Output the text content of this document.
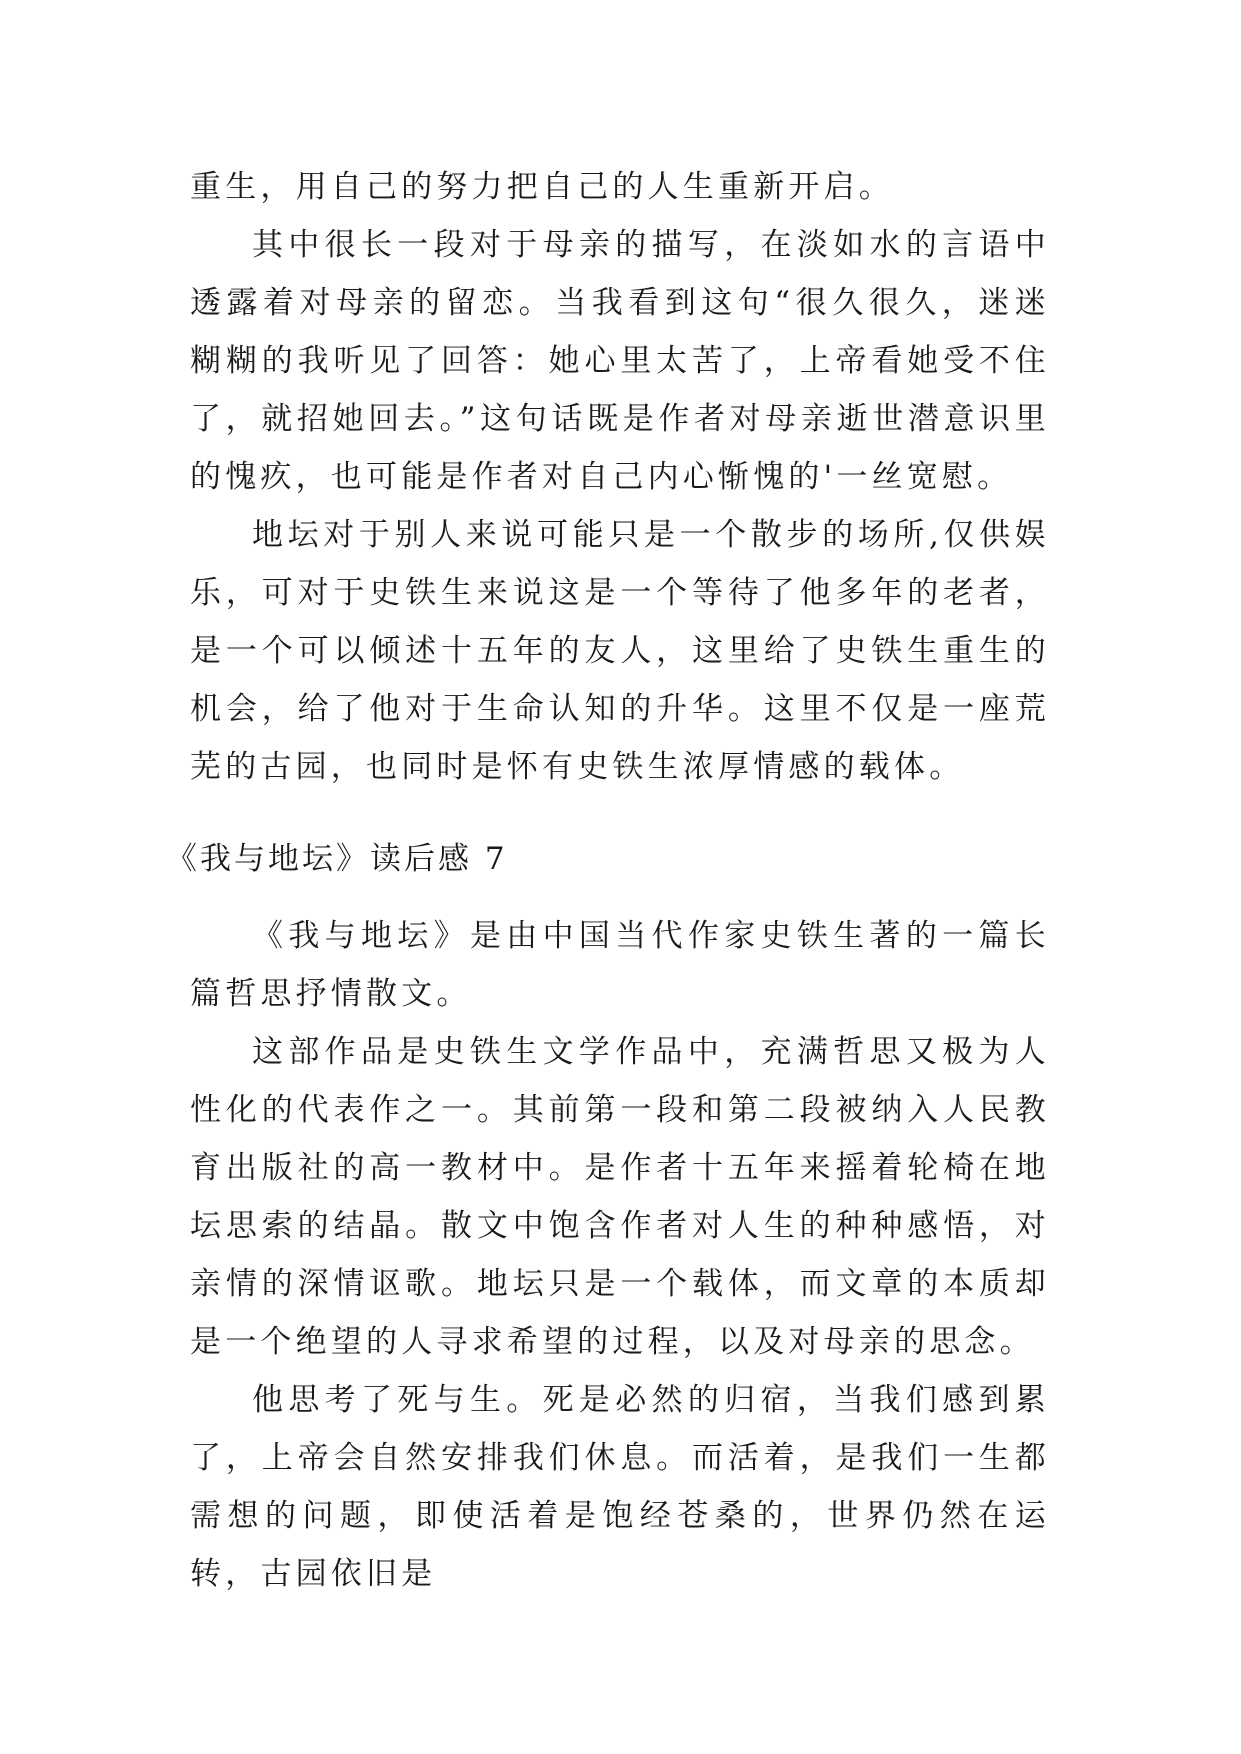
重生，用自己的努力把自己的人生重新开启。

其中很长一段对于母亲的描写，在淡如水的言语中透露着对母亲的留恋。当我看到这句“很久很久，迷迷糊糊的我听见了回答：她心里太苦了，上帝看她受不住了，就招她回去。”这句话既是作者对母亲逝世潜意识里的愧疚，也可能是作者对自己内心惭愧的'一丝宽慰。

地坛对于别人来说可能只是一个散步的场所,仅供娱乐，可对于史铁生来说这是一个等待了他多年的老者，是一个可以倾述十五年的友人，这里给了史铁生重生的机会，给了他对于生命认知的升华。这里不仅是一座荒芜的古园，也同时是怀有史铁生浓厚情感的载体。

《我与地坛》读后感 7

《我与地坛》是由中国当代作家史铁生著的一篇长篇哲思抒情散文。

这部作品是史铁生文学作品中，充满哲思又极为人性化的代表作之一。其前第一段和第二段被纳入人民教育出版社的高一教材中。是作者十五年来摇着轮椅在地坛思索的结晶。散文中饱含作者对人生的种种感悟，对亲情的深情讴歌。地坛只是一个载体，而文章的本质却是一个绝望的人寻求希望的过程，以及对母亲的思念。

他思考了死与生。死是必然的归宿，当我们感到累了，上帝会自然安排我们休息。而活着，是我们一生都需想的问题，即使活着是饱经苍桑的，世界仍然在运转，古园依旧是
